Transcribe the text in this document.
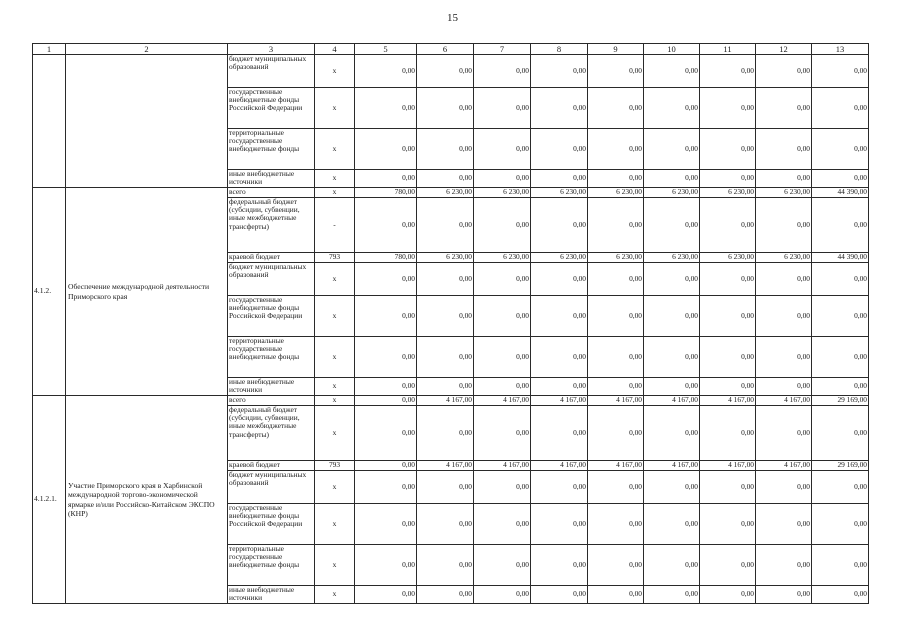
15
1	2	3	4	5	6	7	8	9	10	11	12	13
		бюджет муниципальных образований	x	0,00	0,00	0,00	0,00	0,00	0,00	0,00	0,00	0,00
		государственные внебюджетные фонды Российской Федерации	x	0,00	0,00	0,00	0,00	0,00	0,00	0,00	0,00	0,00
		территориальные государственные внебюджетные фонды	x	0,00	0,00	0,00	0,00	0,00	0,00	0,00	0,00	0,00
		иные внебюджетные источники	x	0,00	0,00	0,00	0,00	0,00	0,00	0,00	0,00	0,00
4.1.2.	Обеспечение международной деятельности Приморского края	всего	x	780,00	6 230,00	6 230,00	6 230,00	6 230,00	6 230,00	6 230,00	6 230,00	44 390,00
		федеральный бюджет (субсидии, субвенции, иные межбюджетные трансферты)	-	0,00	0,00	0,00	0,00	0,00	0,00	0,00	0,00	0,00
		краевой бюджет	793	780,00	6 230,00	6 230,00	6 230,00	6 230,00	6 230,00	6 230,00	6 230,00	44 390,00
		бюджет муниципальных образований	x	0,00	0,00	0,00	0,00	0,00	0,00	0,00	0,00	0,00
		государственные внебюджетные фонды Российской Федерации	x	0,00	0,00	0,00	0,00	0,00	0,00	0,00	0,00	0,00
		территориальные государственные внебюджетные фонды	x	0,00	0,00	0,00	0,00	0,00	0,00	0,00	0,00	0,00
		иные внебюджетные источники	x	0,00	0,00	0,00	0,00	0,00	0,00	0,00	0,00	0,00
4.1.2.1.	Участие Приморского края в Харбинской международной торгово-экономической ярмарке и/или Российско-Китайском ЭКСПО (КНР)	всего	x	0,00	4 167,00	4 167,00	4 167,00	4 167,00	4 167,00	4 167,00	4 167,00	29 169,00
		федеральный бюджет (субсидии, субвенции, иные межбюджетные трансферты)	x	0,00	0,00	0,00	0,00	0,00	0,00	0,00	0,00	0,00
		краевой бюджет	793	0,00	4 167,00	4 167,00	4 167,00	4 167,00	4 167,00	4 167,00	4 167,00	29 169,00
		бюджет муниципальных образований	x	0,00	0,00	0,00	0,00	0,00	0,00	0,00	0,00	0,00
		государственные внебюджетные фонды Российской Федерации	x	0,00	0,00	0,00	0,00	0,00	0,00	0,00	0,00	0,00
		территориальные государственные внебюджетные фонды	x	0,00	0,00	0,00	0,00	0,00	0,00	0,00	0,00	0,00
		иные внебюджетные источники	x	0,00	0,00	0,00	0,00	0,00	0,00	0,00	0,00	0,00
